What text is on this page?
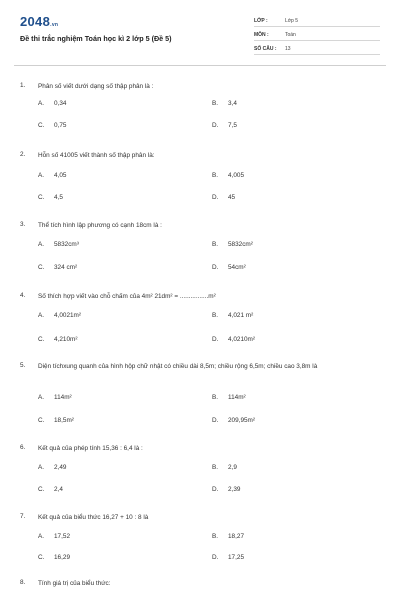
2048.vn
Đề thi trắc nghiệm Toán học kì 2 lớp 5 (Đề 5)
LỚP :	Lớp 5
MÔN :	Toán
SỐ CÂU : 13
1. Phân số viết dưới dạng số thập phân là :
A. 0,34	B. 3,4
C. 0,75	D. 7,5
2. Hỗn số 41005 viết thành số thập phân là:
A. 4,05	B. 4,005
C. 4,5	D. 45
3. Thể tích hình lập phương có cạnh 18cm là :
A. 5832cm³	B. 5832cm²
C. 324 cm²	D. 54cm²
4. Số thích hợp viết vào chỗ chấm của 4m² 21dm² = ................m²
A. 4,0021m²	B. 4,021 m²
C. 4,210m²	D. 4,0210m²
5. Diện tíchxung quanh của hình hộp chữ nhật có chiều dài 8,5m; chiều rộng 6,5m; chiều cao 3,8m là
A. 114m²	B. 114m²
C. 18,5m²	D. 209,95m²
6. Kết quả của phép tính 15,36 : 6,4 là :
A. 2,49	B. 2,9
C. 2,4	D. 2,39
7. Kết quả của biểu thức 16,27 + 10 : 8 là
A. 17,52	B. 18,27
C. 16,29	D. 17,25
8. Tính giá trị của biểu thức:
